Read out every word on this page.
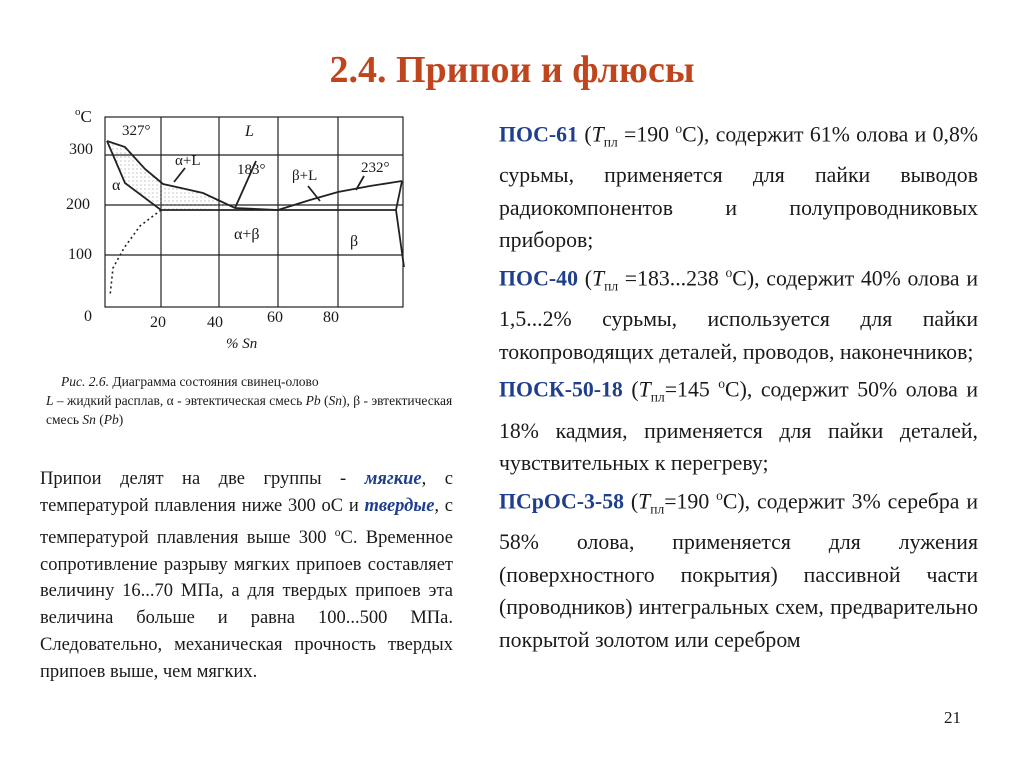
2.4. Припои и флюсы
$^o$C
300
200
100
0	20	40	60	80
% Sn
327°	L
α+L
183° β+L	232°
α
α+β	β
Рис. 2.6. Диаграмма состояния свинец-олово
L – жидкий расплав, α - эвтектическая смесь Pb (Sn), β - эвтектическая смесь Sn (Pb)
Припои делят на две группы - мягкие, с температурой плавления ниже 300 оС и твердые, с температурой плавления выше 300 $^о$С. Временное сопротивление разрыву мягких припоев составляет величину 16...70 МПа, а для твердых припоев эта величина больше и равна 100...500 МПа. Следовательно, механическая прочность твердых припоев выше, чем мягких.

ПОС-61 ($T_{пл} =190$ $^о$С), содержит 61% олова и 0,8% сурьмы, применяется для пайки выводов радиокомпонентов и полупроводниковых приборов;

ПОС-40 ($T_{пл} =183...238$ $^о$С), содержит 40% олова и 1,5...2% сурьмы, используется для пайки токопроводящих деталей, проводов, наконечников;

ПОСК-50-18 ($T_{пл}=145$ $^о$С), содержит 50% олова и 18% кадмия, применяется для пайки деталей, чувствительных к перегреву;

ПСрОС-3-58 ($T_{пл}=190$ $^о$С), содержит 3% серебра и 58% олова, применяется для лужения (поверхностного покрытия) пассивной части (проводников) интегральных схем, предварительно покрытой золотом или серебром

21
